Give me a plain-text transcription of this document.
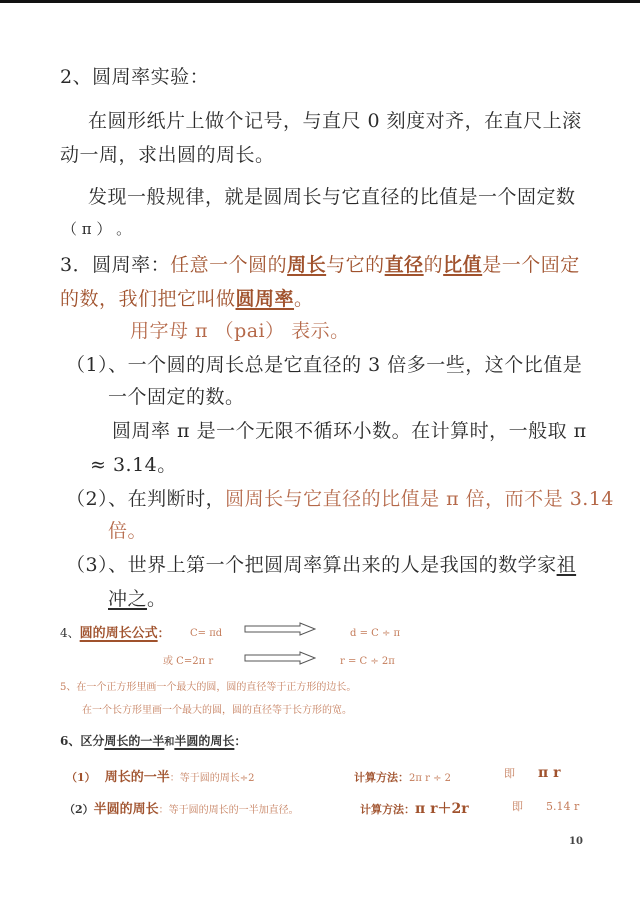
2、圆周率实验：
在圆形纸片上做个记号，与直尺 0 刻度对齐，在直尺上滚
动一周，求出圆的周长。
发现一般规律，就是圆周长与它直径的比值是一个固定数
（ π ） 。
3．圆周率：任意一个圆的周长与它的直径的比值是一个固定
的数，我们把它叫做圆周率。
用字母 π （pai） 表示。
（1）、一个圆的周长总是它直径的 3 倍多一些，这个比值是
一个固定的数。
圆周率 π 是一个无限不循环小数。在计算时，一般取 π
≈ 3.14。
（2）、在判断时，圆周长与它直径的比值是 π 倍，而不是 3.14
倍。
（3）、世界上第一个把圆周率算出来的人是我国的数学家祖
冲之。
4、圆的周长公式： C= πd	d = C ÷ π
或 C=2π r	r = C ÷ 2π
5、在一个正方形里画一个最大的圆，圆的直径等于正方形的边长。
在一个长方形里画一个最大的圆，圆的直径等于长方形的宽。
6、区分周长的一半和半圆的周长：
（1） 周长的一半：等于圆的周长÷2	计算方法：2π r ÷ 2	即 π r
（2）半圆的周长：等于圆的周长的一半加直径。	计算方法：π r＋2r	即 5.14 r
10
